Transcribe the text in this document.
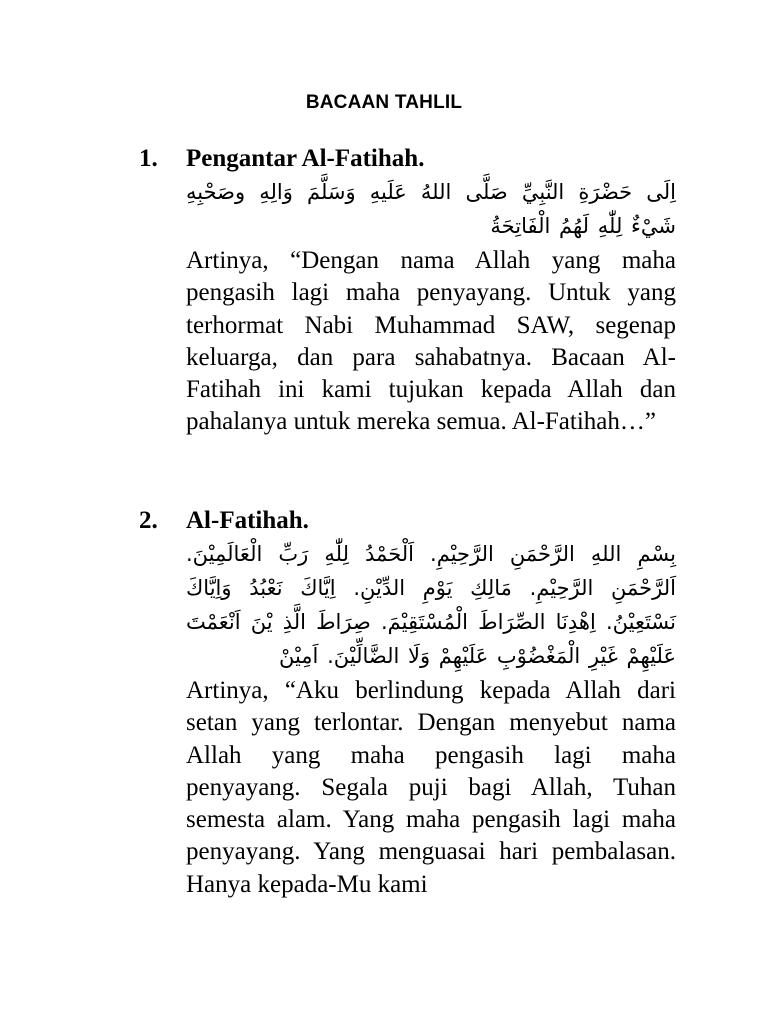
BACAAN TAHLIL
1. Pengantar Al-Fatihah.

اِلَى حَضْرَةِ النَّبِيِّ صَلَّى اللهُ عَلَيهِ وَسَلَّمَ وَالِهِ وصَحْبِهِ شَيْءٌ لِلّٰهِ لَهُمُ الْفَاتِحَةُ

Artinya, “Dengan nama Allah yang maha pengasih lagi maha penyayang. Untuk yang terhormat Nabi Muhammad SAW, segenap keluarga, dan para sahabatnya. Bacaan Al-Fatihah ini kami tujukan kepada Allah dan pahalanya untuk mereka semua. Al-Fatihah…”

2. Al-Fatihah.

بِسْمِ اللهِ الرَّحْمَنِ الرَّحِيْمِ. اَلْحَمْدُ لِلّٰهِ رَبِّ الْعَالَمِيْنَ. اَلرَّحْمَنِ الرَّحِيْمِ. مَالِكِ يَوْمِ الدِّيْنِ. اِيَّاكَ نَعْبُدُ وَاِيَّاكَ نَسْتَعِيْنُ. اِهْدِنَا الصِّرَاطَ الْمُسْتَقِيْمَ. صِرَاطَ الَّذِ يْنَ اَنْعَمْتَ عَلَيْهِمْ غَيْرِ الْمَغْضُوْبِ عَلَيْهِمْ وَلَا الضَّالِّيْنَ. اَمِيْنْ

Artinya, “Aku berlindung kepada Allah dari setan yang terlontar. Dengan menyebut nama Allah yang maha pengasih lagi maha penyayang. Segala puji bagi Allah, Tuhan semesta alam. Yang maha pengasih lagi maha penyayang. Yang menguasai hari pembalasan. Hanya kepada-Mu kami
